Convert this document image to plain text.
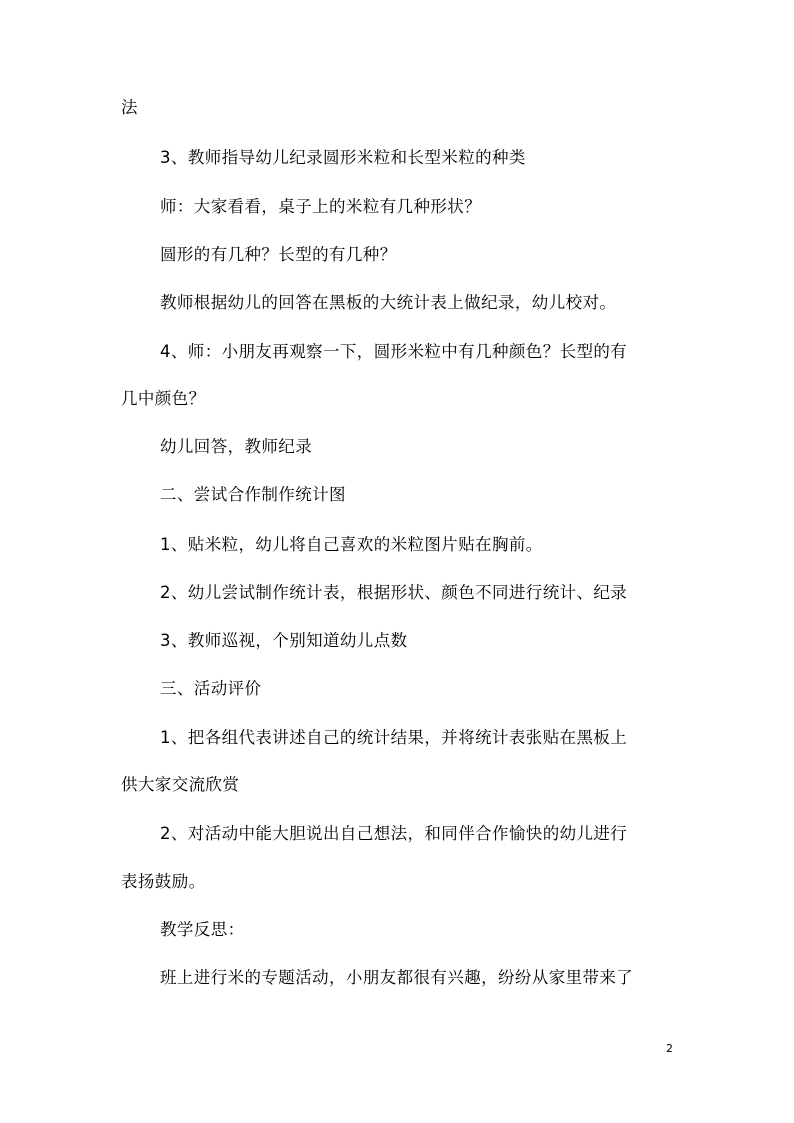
法
3、教师指导幼儿纪录圆形米粒和长型米粒的种类
师：大家看看，桌子上的米粒有几种形状？
圆形的有几种？长型的有几种？
教师根据幼儿的回答在黑板的大统计表上做纪录，幼儿校对。
4、师：小朋友再观察一下，圆形米粒中有几种颜色？长型的有
几中颜色？
幼儿回答，教师纪录
二、尝试合作制作统计图
1、贴米粒，幼儿将自己喜欢的米粒图片贴在胸前。
2、幼儿尝试制作统计表，根据形状、颜色不同进行统计、纪录
3、教师巡视，个别知道幼儿点数
三、活动评价
1、把各组代表讲述自己的统计结果，并将统计表张贴在黑板上
供大家交流欣赏
2、对活动中能大胆说出自己想法，和同伴合作愉快的幼儿进行
表扬鼓励。
教学反思：
班上进行米的专题活动，小朋友都很有兴趣，纷纷从家里带来了
2
